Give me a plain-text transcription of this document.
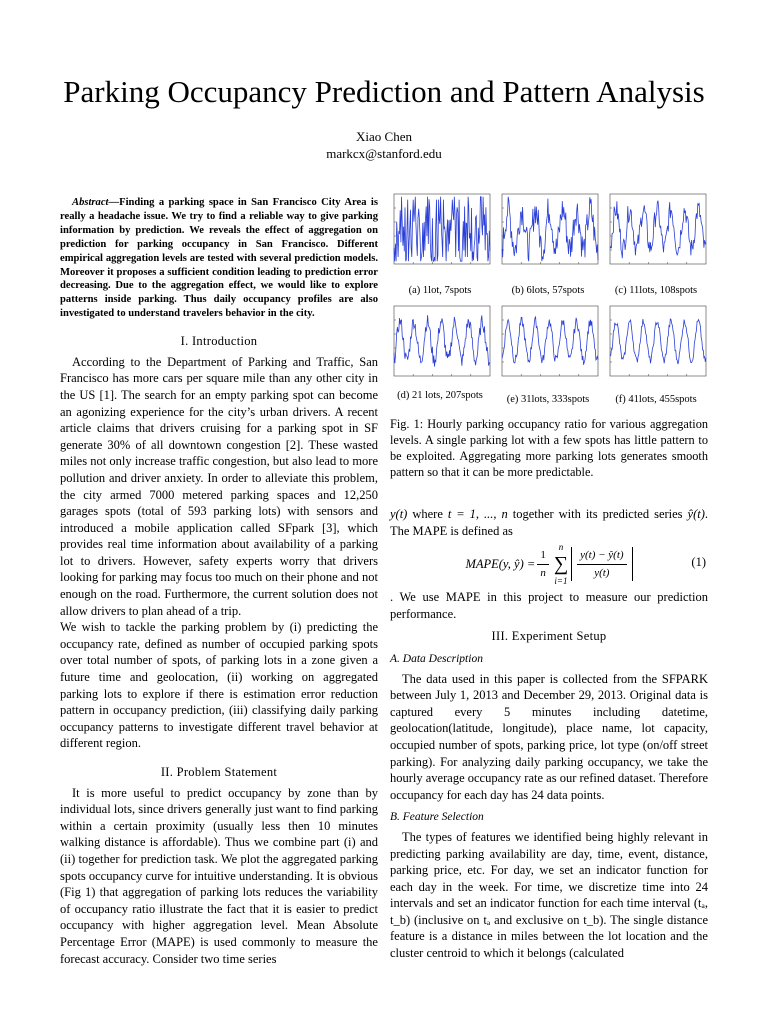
Parking Occupancy Prediction and Pattern Analysis
Xiao Chen
markcx@stanford.edu

Abstract—Finding a parking space in San Francisco City Area is really a headache issue. We try to find a reliable way to give parking information by prediction. We reveals the effect of aggregation on prediction for parking occupancy in San Francisco. Different empirical aggregation levels are tested with several prediction models. Moreover it proposes a sufficient condition leading to prediction error decreasing. Due to the aggregation effect, we would like to explore patterns inside parking. Thus daily occupancy profiles are also investigated to understand travelers behavior in the city.

I. Introduction

According to the Department of Parking and Traffic, San Francisco has more cars per square mile than any other city in the US [1]. The search for an empty parking spot can become an agonizing experience for the city’s urban drivers. A recent article claims that drivers cruising for a parking spot in SF generate 30% of all downtown congestion [2]. These wasted miles not only increase traffic congestion, but also lead to more pollution and driver anxiety. In order to alleviate this problem, the city armed 7000 metered parking spaces and 12,250 garages spots (total of 593 parking lots) with sensors and introduced a mobile application called SFpark [3], which provides real time information about availability of a parking lot to drivers. However, safety experts worry that drivers looking for parking may focus too much on their phone and not enough on the road. Furthermore, the current solution does not allow drivers to plan ahead of a trip.

We wish to tackle the parking problem by (i) predicting the occupancy rate, defined as number of occupied parking spots over total number of spots, of parking lots in a zone given a future time and geolocation, (ii) working on aggregated parking lots to explore if there is estimation error reduction pattern in occupancy prediction, (iii) classifying daily parking occupancy patterns to investigate different travel behavior at different region.

II. Problem Statement

It is more useful to predict occupancy by zone than by individual lots, since drivers generally just want to find parking within a certain proximity (usually less then 10 minutes walking distance is affordable). Thus we combine part (i) and (ii) together for prediction task. We plot the aggregated parking spots occupancy curve for intuitive understanding. It is obvious (Fig 1) that aggregation of parking lots reduces the variability of occupancy ratio illustrate the fact that it is easier to predict occupancy with higher aggregation level. Mean Absolute Percentage Error (MAPE) is used commonly to measure the forecast accuracy. Consider two time series

(a) 1lot, 7spots	(b) 6lots, 57spots	(c) 11lots, 108spots
(d) 21 lots, 207spots	(e) 31lots, 333spots	(f) 41lots, 455spots
Fig. 1: Hourly parking occupancy ratio for various aggregation levels. A single parking lot with a few spots has little pattern to be exploited. Aggregating more parking lots generates smooth pattern so that it can be more predictable.

y(t) where t = 1, ..., n together with its predicted series ŷ(t). The MAPE is defined as

MAPE(y, ŷ) = $\frac{1}{n}$
n
∑
$i=1 \frac{y(t) - ŷ(t)}{y(t)}$	(1)

. We use MAPE in this project to measure our prediction performance.

III. Experiment Setup
A. Data Description

The data used in this paper is collected from the SFPARK between July 1, 2013 and December 29, 2013. Original data is captured every 5 minutes including datetime, geolocation(latitude, longitude), place name, lot capacity, occupied number of spots, parking price, lot type (on/off street parking). For analyzing daily parking occupancy, we take the hourly average occupancy rate as our refined dataset. Therefore occupancy for each day has 24 data points.

B. Feature Selection

The types of features we identified being highly relevant in predicting parking availability are day, time, event, distance, parking price, etc. For day, we set an indicator function for each day in the week. For time, we discretize time into 24 intervals and set an indicator function for each time interval (tₐ, t_b) (inclusive on tₐ and exclusive on t_b). The single distance feature is a distance in miles between the lot location and the cluster centroid to which it belongs (calculated
